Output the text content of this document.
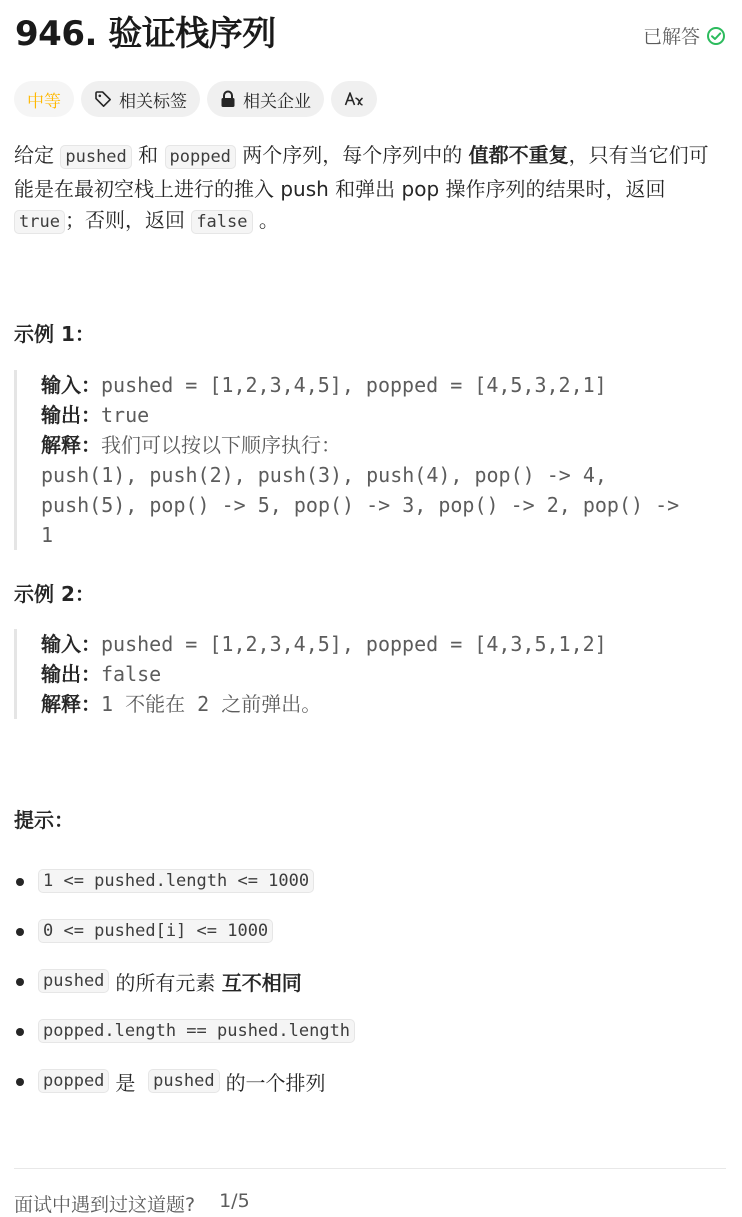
946. 验证栈序列	已解答
中等	相关标签	相关企业

给定 pushed 和 popped 两个序列，每个序列中的 值都不重复，只有当它们可能是在最初空栈上进行的推入 push 和弹出 pop 操作序列的结果时，返回 true ；否则，返回 false 。

示例 1：
输入：pushed = [1,2,3,4,5], popped = [4,5,3,2,1]
输出：true
解释：我们可以按以下顺序执行：
push(1), push(2), push(3), push(4), pop() -> 4,
push(5), pop() -> 5, pop() -> 3, pop() -> 2, pop() ->
1
示例 2：
输入：pushed = [1,2,3,4,5], popped = [4,3,5,1,2]
输出：false
解释：1 不能在 2 之前弹出。
提示：
1 <= pushed.length <= 1000
0 <= pushed[i] <= 1000
pushed 的所有元素
互不相同
popped.length == pushed.length
popped 是
pushed 的一个排列
面试中遇到过这道题? 1/5
